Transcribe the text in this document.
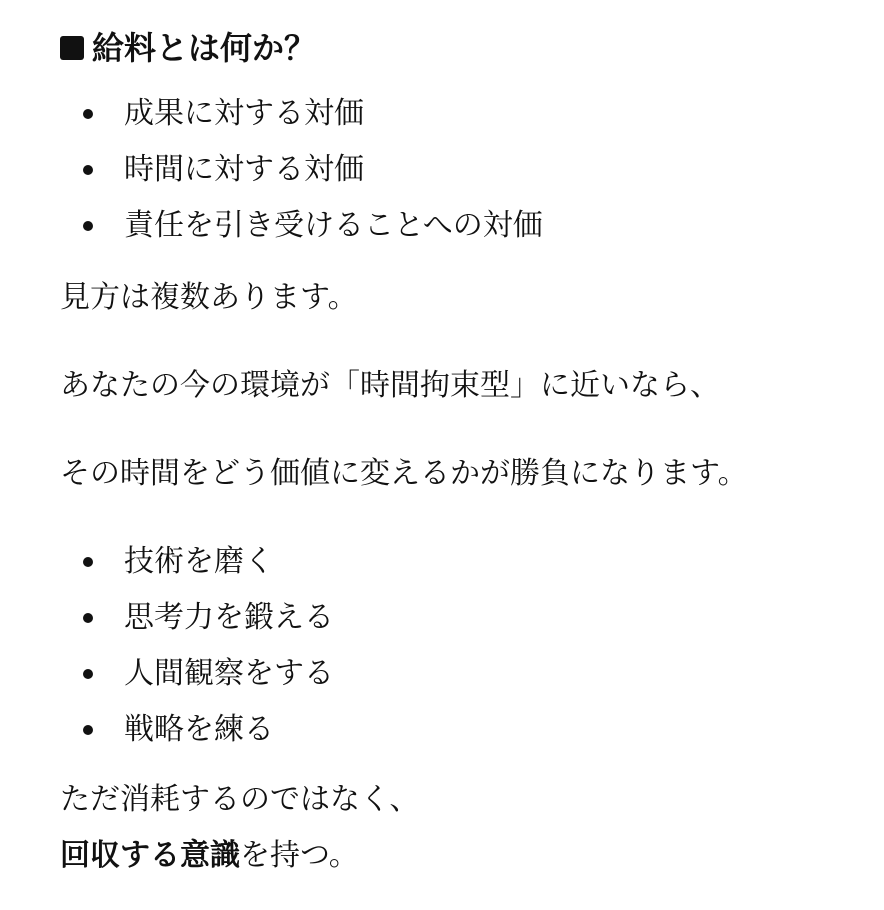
給料とは何か？
成果に対する対価
時間に対する対価
責任を引き受けることへの対価

見方は複数あります。

あなたの今の環境が「時間拘束型」に近いなら、

その時間をどう価値に変えるかが勝負になります。

技術を磨く
思考力を鍛える
人間観察をする
戦略を練る

ただ消耗するのではなく、

回収する意識を持つ。
